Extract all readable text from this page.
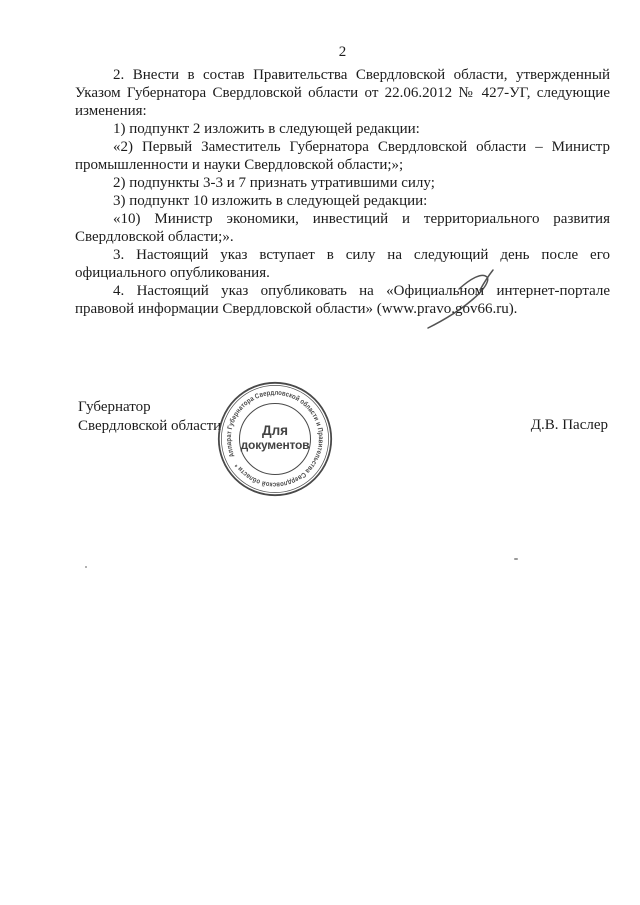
2
2. Внести в состав Правительства Свердловской области, утвержденный
Указом Губернатора Свердловской области от 22.06.2012 № 427-УГ, следующие
изменения:
1) подпункт 2 изложить в следующей редакции:
«2) Первый Заместитель Губернатора Свердловской области – Министр
промышленности и науки Свердловской области;»;
2) подпункты 3-3 и 7 признать утратившими силу;
3) подпункт 10 изложить в следующей редакции:
«10) Министр экономики, инвестиций и территориального развития
Свердловской области;».
3. Настоящий указ вступает в силу на следующий день после его
официального опубликования.
4. Настоящий указ опубликовать на «Официальном интернет-портале
правовой информации Свердловской области» (www.pravo.gov66.ru).
Губернатор
Свердловской области	Д.В. Паслер
Аппарат Губернатора Свердловской области и Правительства Свердловской области *
Для
документов
